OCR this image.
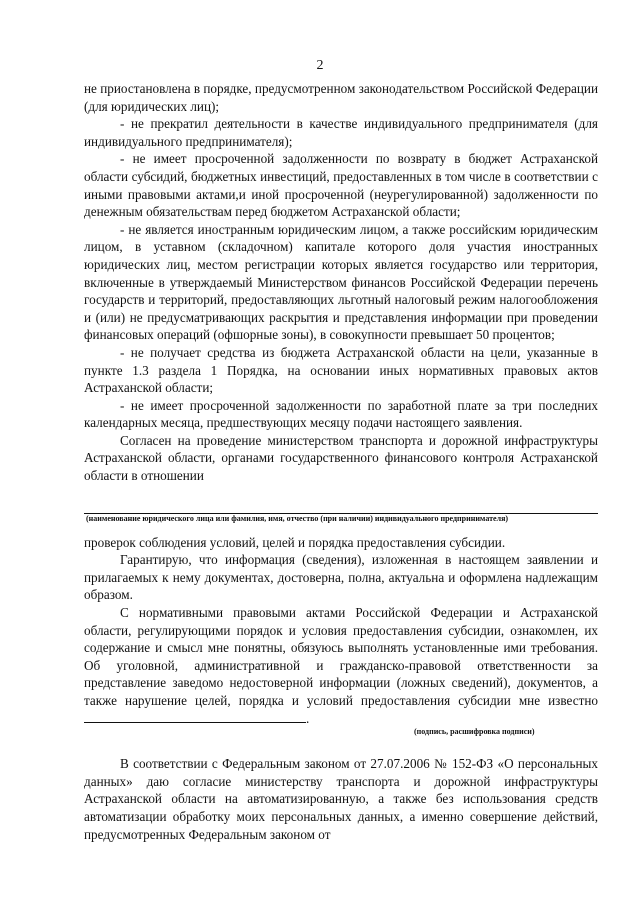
2

не приостановлена в порядке, предусмотренном законодательством Российской Федерации (для юридических лиц);

- не прекратил деятельности в качестве индивидуального предпринимателя (для индивидуального предпринимателя);

- не имеет просроченной задолженности по возврату в бюджет Астраханской области субсидий, бюджетных инвестиций, предоставленных в том числе в соответствии с иными правовыми актами,и иной просроченной (неурегулированной) задолженности по денежным обязательствам перед бюджетом Астраханской области;

- не является иностранным юридическим лицом, а также российским юридическим лицом, в уставном (складочном) капитале которого доля участия иностранных юридических лиц, местом регистрации которых является государство или территория, включенные в утверждаемый Министерством финансов Российской Федерации перечень государств и территорий, предоставляющих льготный налоговый режим налогообложения и (или) не предусматривающих раскрытия и представления информации при проведении финансовых операций (офшорные зоны), в совокупности превышает 50 процентов;

- не получает средства из бюджета Астраханской области на цели, указанные в пункте 1.3 раздела 1 Порядка, на основании иных нормативных правовых актов Астраханской области;

- не имеет просроченной задолженности по заработной плате за три последних календарных месяца, предшествующих месяцу подачи настоящего заявления.

Согласен на проведение министерством транспорта и дорожной инфраструктуры Астраханской области, органами государственного финансового контроля Астраханской области в отношении

(наименование юридического лица или фамилия, имя, отчество (при наличии) индивидуального предпринимателя)

проверок соблюдения условий, целей и порядка предоставления субсидии.

Гарантирую, что информация (сведения), изложенная в настоящем заявлении и прилагаемых к нему документах, достоверна, полна, актуальна и оформлена надлежащим образом.

С нормативными правовыми актами Российской Федерации и Астраханской области, регулирующими порядок и условия предоставления субсидии, ознакомлен, их содержание и смысл мне понятны, обязуюсь выполнять установленные ими требования. Об уголовной, административной и гражданско-правовой ответственности за представление заведомо недостоверной информации (ложных сведений), документов, а также нарушение целей, порядка и условий предоставления субсидии мне известно.

(подпись, расшифровка подписи)

В соответствии с Федеральным законом от 27.07.2006 № 152-ФЗ «О персональных данных» даю согласие министерству транспорта и дорожной инфраструктуры Астраханской области на автоматизированную, а также без использования средств автоматизации обработку моих персональных данных, а именно совершение действий, предусмотренных Федеральным законом от
